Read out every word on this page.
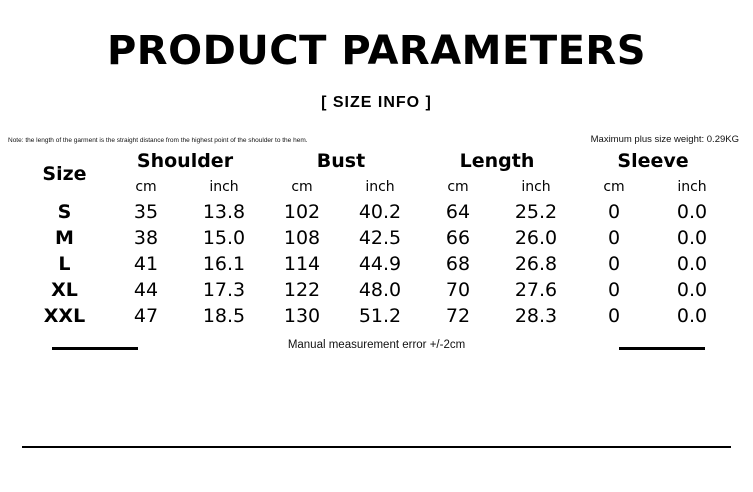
PRODUCT PARAMETERS
[ SIZE INFO ]
Note: the length of the garment is the straight distance from the highest point of the shoulder to the hem.	Maximum plus size weight: 0.29KG
Size	Shoulder		Bust		Length		Sleeve	

	cm	inch	cm	inch	cm	inch	cm	inch
S	35	13.8	102	40.2	64	25.2	0	0.0
M	38	15.0	108	42.5	66	26.0	0	0.0
L	41	16.1	114	44.9	68	26.8	0	0.0
XL	44	17.3	122	48.0	70	27.6	0	0.0
XXL	47	18.5	130	51.2	72	28.3	0	0.0
Manual measurement error +/-2cm
